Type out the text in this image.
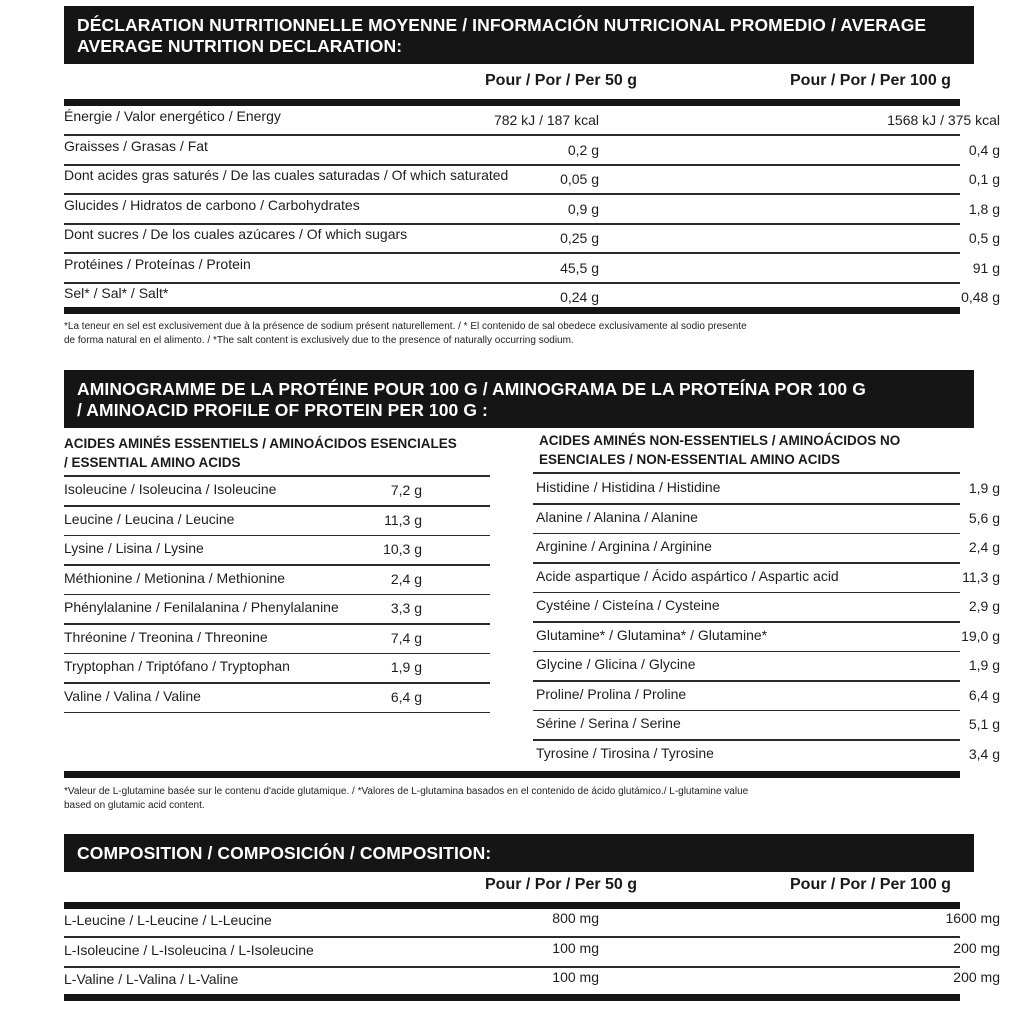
DÉCLARATION NUTRITIONNELLE MOYENNE / INFORMACIÓN NUTRICIONAL PROMEDIO / AVERAGE
AVERAGE NUTRITION DECLARATION:
Pour / Por / Per 50 g	Pour / Por / Per 100 g
Énergie / Valor energético / Energy	782 kJ / 187 kcal	1568 kJ / 375 kcal
Graisses / Grasas / Fat	0,2 g	0,4 g
Dont acides gras saturés / De las cuales saturadas / Of which saturated	0,05 g	0,1 g
Glucides / Hidratos de carbono / Carbohydrates	0,9 g	1,8 g
Dont sucres / De los cuales azúcares / Of which sugars	0,25 g	0,5 g
Protéines / Proteínas / Protein	45,5 g	91 g
Sel* / Sal* / Salt*	0,24 g	0,48 g
*La teneur en sel est exclusivement due à la présence de sodium présent naturellement. / * El contenido de sal obedece exclusivamente al sodio presente
de forma natural en el alimento. / *The salt content is exclusively due to the presence of naturally occurring sodium.
AMINOGRAMME DE LA PROTÉINE POUR 100 G / AMINOGRAMA DE LA PROTEÍNA POR 100 G
/ AMINOACID PROFILE OF PROTEIN PER 100 G :
ACIDES AMINÉS ESSENTIELS / AMINOÁCIDOS ESENCIALES
/ ESSENTIAL AMINO ACIDS
ACIDES AMINÉS NON-ESSENTIELS / AMINOÁCIDOS NO
ESENCIALES / NON-ESSENTIAL AMINO ACIDS
Isoleucine / Isoleucina / Isoleucine	7,2 g
Leucine / Leucina / Leucine	11,3 g
Lysine / Lisina / Lysine	10,3 g
Méthionine / Metionina / Methionine	2,4 g
Phénylalanine / Fenilalanina / Phenylalanine	3,3 g
Thréonine / Treonina / Threonine	7,4 g
Tryptophan / Triptófano / Tryptophan	1,9 g
Valine / Valina / Valine	6,4 g
Histidine / Histidina / Histidine	1,9 g
Alanine / Alanina / Alanine	5,6 g
Arginine / Arginina / Arginine	2,4 g
Acide aspartique / Ácido aspártico / Aspartic acid	11,3 g
Cystéine / Cisteína / Cysteine	2,9 g
Glutamine* / Glutamina* / Glutamine*	19,0 g
Glycine / Glicina / Glycine	1,9 g
Proline/ Prolina / Proline	6,4 g
Sérine / Serina / Serine	5,1 g
Tyrosine / Tirosina / Tyrosine	3,4 g
*Valeur de L-glutamine basée sur le contenu d'acide glutamique. / *Valores de L-glutamina basados en el contenido de ácido glutámico./ L-glutamine value
based on glutamic acid content.
COMPOSITION / COMPOSICIÓN / COMPOSITION:
Pour / Por / Per 50 g	Pour / Por / Per 100 g
L-Leucine / L-Leucine / L-Leucine	800 mg	1600 mg
L-Isoleucine / L-Isoleucina / L-Isoleucine	100 mg	200 mg
L-Valine / L-Valina / L-Valine	100 mg	200 mg
